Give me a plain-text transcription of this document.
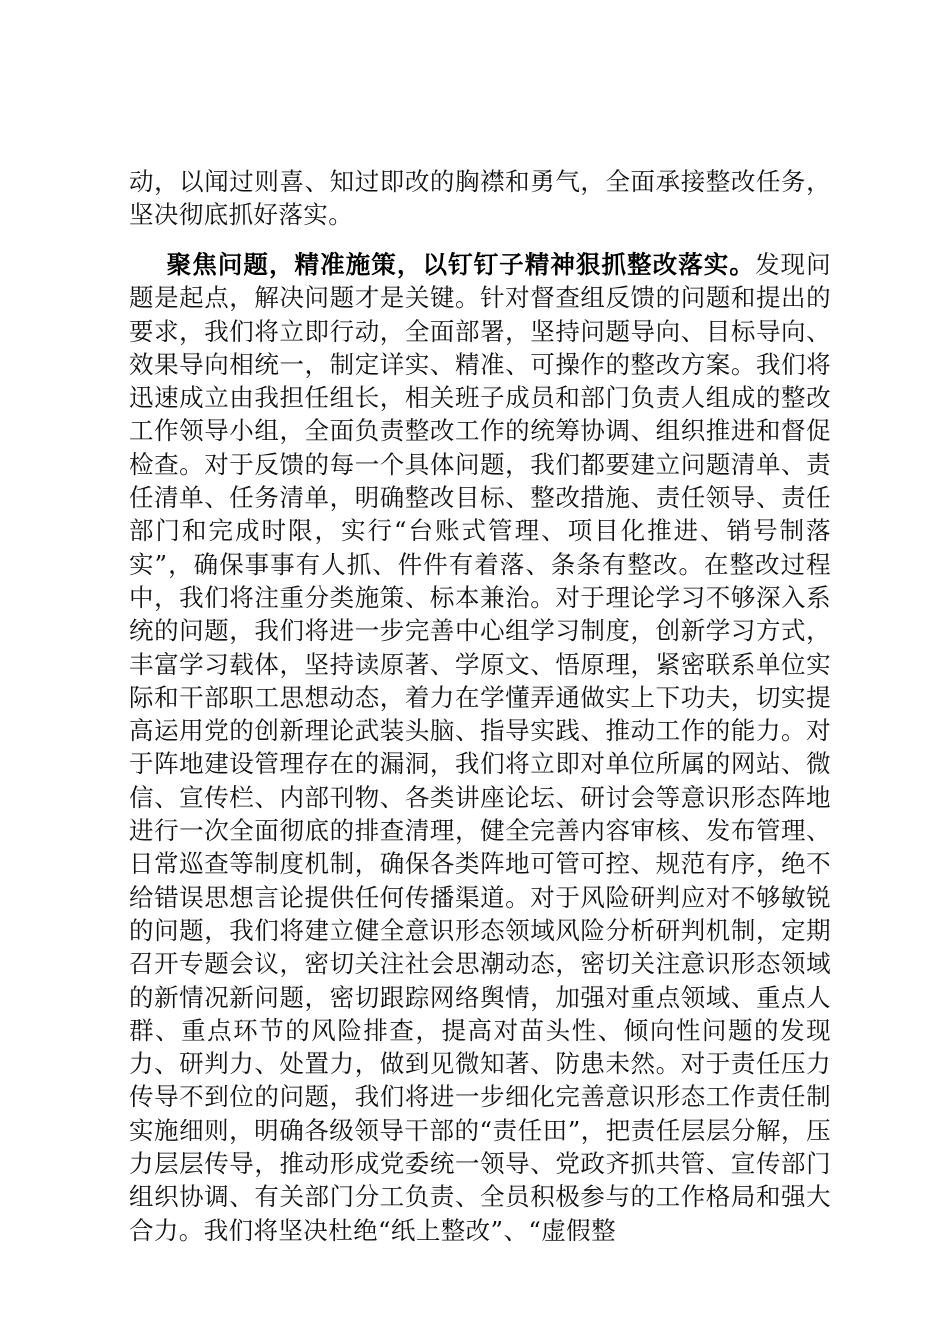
动，以闻过则喜、知过即改的胸襟和勇气，全面承接整改任务，坚决彻底抓好落实。

聚焦问题，精准施策，以钉钉子精神狠抓整改落实。发现问题是起点，解决问题才是关键。针对督查组反馈的问题和提出的要求，我们将立即行动，全面部署，坚持问题导向、目标导向、效果导向相统一，制定详实、精准、可操作的整改方案。我们将迅速成立由我担任组长，相关班子成员和部门负责人组成的整改工作领导小组，全面负责整改工作的统筹协调、组织推进和督促检查。对于反馈的每一个具体问题，我们都要建立问题清单、责任清单、任务清单，明确整改目标、整改措施、责任领导、责任部门和完成时限，实行“台账式管理、项目化推进、销号制落实”，确保事事有人抓、件件有着落、条条有整改。在整改过程中，我们将注重分类施策、标本兼治。对于理论学习不够深入系统的问题，我们将进一步完善中心组学习制度，创新学习方式，丰富学习载体，坚持读原著、学原文、悟原理，紧密联系单位实际和干部职工思想动态，着力在学懂弄通做实上下功夫，切实提高运用党的创新理论武装头脑、指导实践、推动工作的能力。对于阵地建设管理存在的漏洞，我们将立即对单位所属的网站、微信、宣传栏、内部刊物、各类讲座论坛、研讨会等意识形态阵地进行一次全面彻底的排查清理，健全完善内容审核、发布管理、日常巡查等制度机制，确保各类阵地可管可控、规范有序，绝不给错误思想言论提供任何传播渠道。对于风险研判应对不够敏锐的问题，我们将建立健全意识形态领域风险分析研判机制，定期召开专题会议，密切关注社会思潮动态，密切关注意识形态领域的新情况新问题，密切跟踪网络舆情，加强对重点领域、重点人群、重点环节的风险排查，提高对苗头性、倾向性问题的发现力、研判力、处置力，做到见微知著、防患未然。对于责任压力传导不到位的问题，我们将进一步细化完善意识形态工作责任制实施细则，明确各级领导干部的“责任田”，把责任层层分解，压力层层传导，推动形成党委统一领导、党政齐抓共管、宣传部门组织协调、有关部门分工负责、全员积极参与的工作格局和强大合力。我们将坚决杜绝“纸上整改”、“虚假整
